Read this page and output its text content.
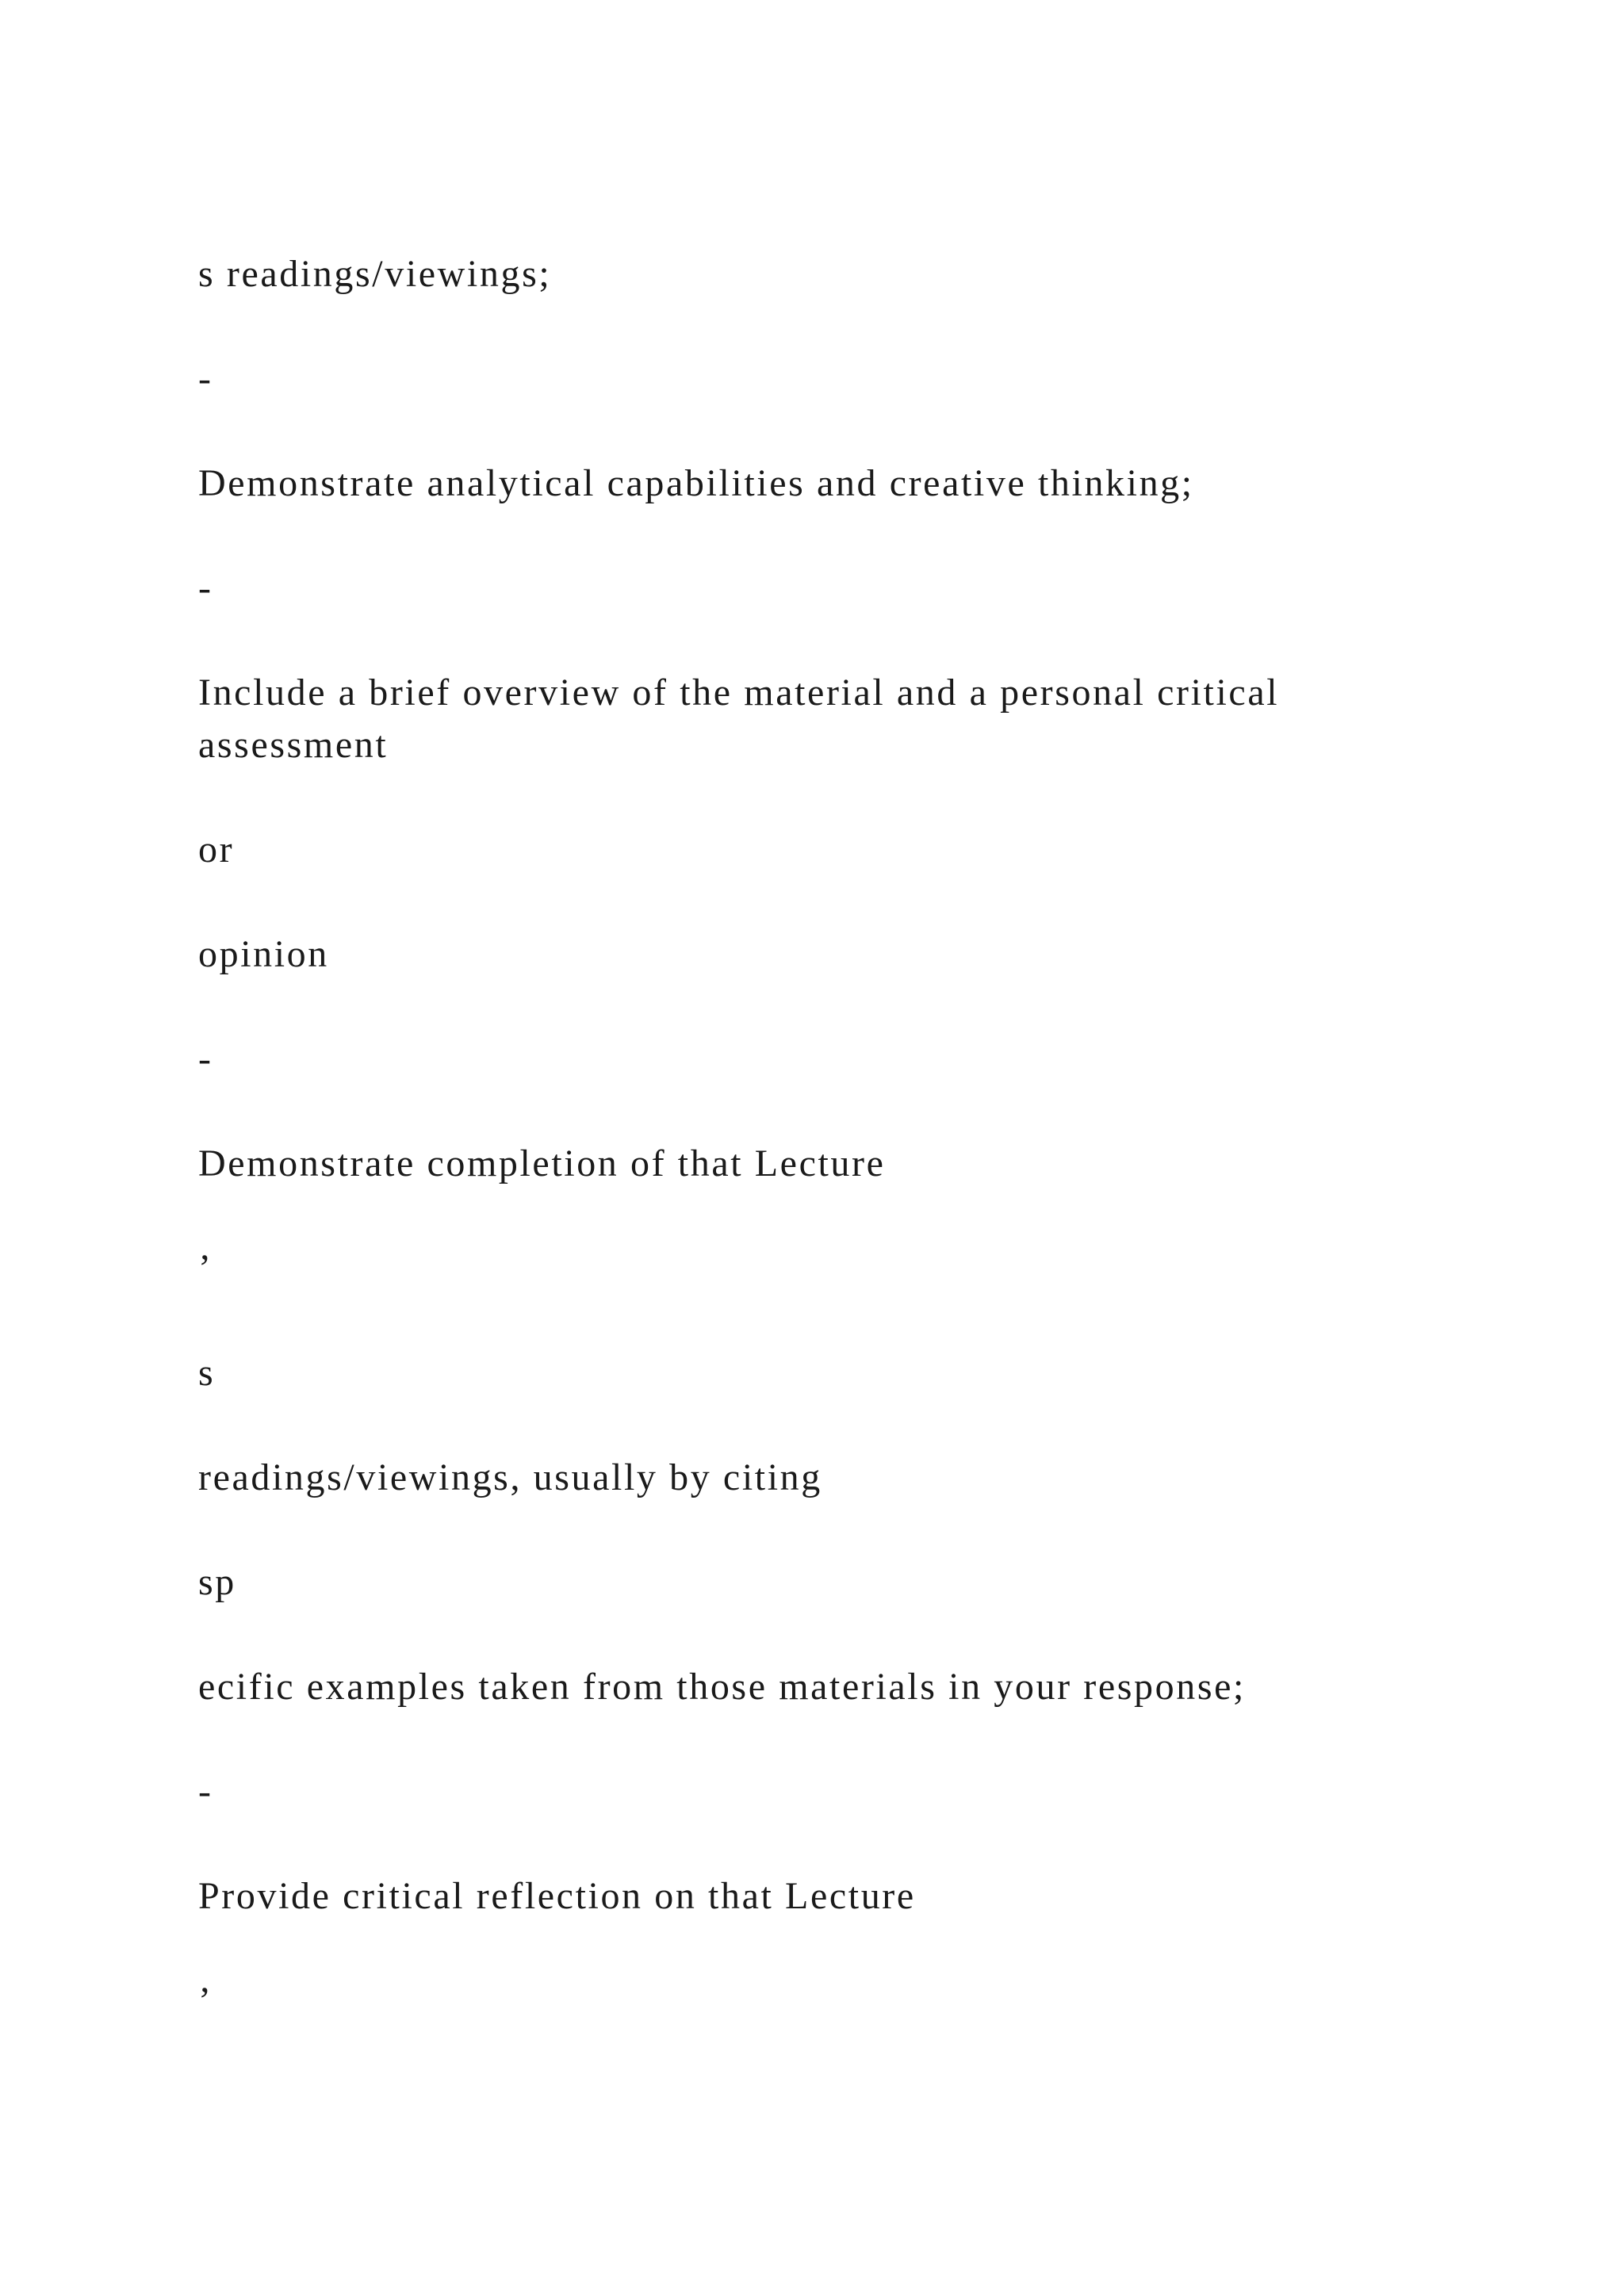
s readings/viewings;

-

Demonstrate analytical capabilities and creative thinking;

-

Include a brief overview of the material and a personal critical assessment

or

opinion

-

Demonstrate completion of that Lecture

’

s

readings/viewings, usually by citing

sp

ecific examples taken from those materials in your response;

-

Provide critical reflection on that Lecture

’
